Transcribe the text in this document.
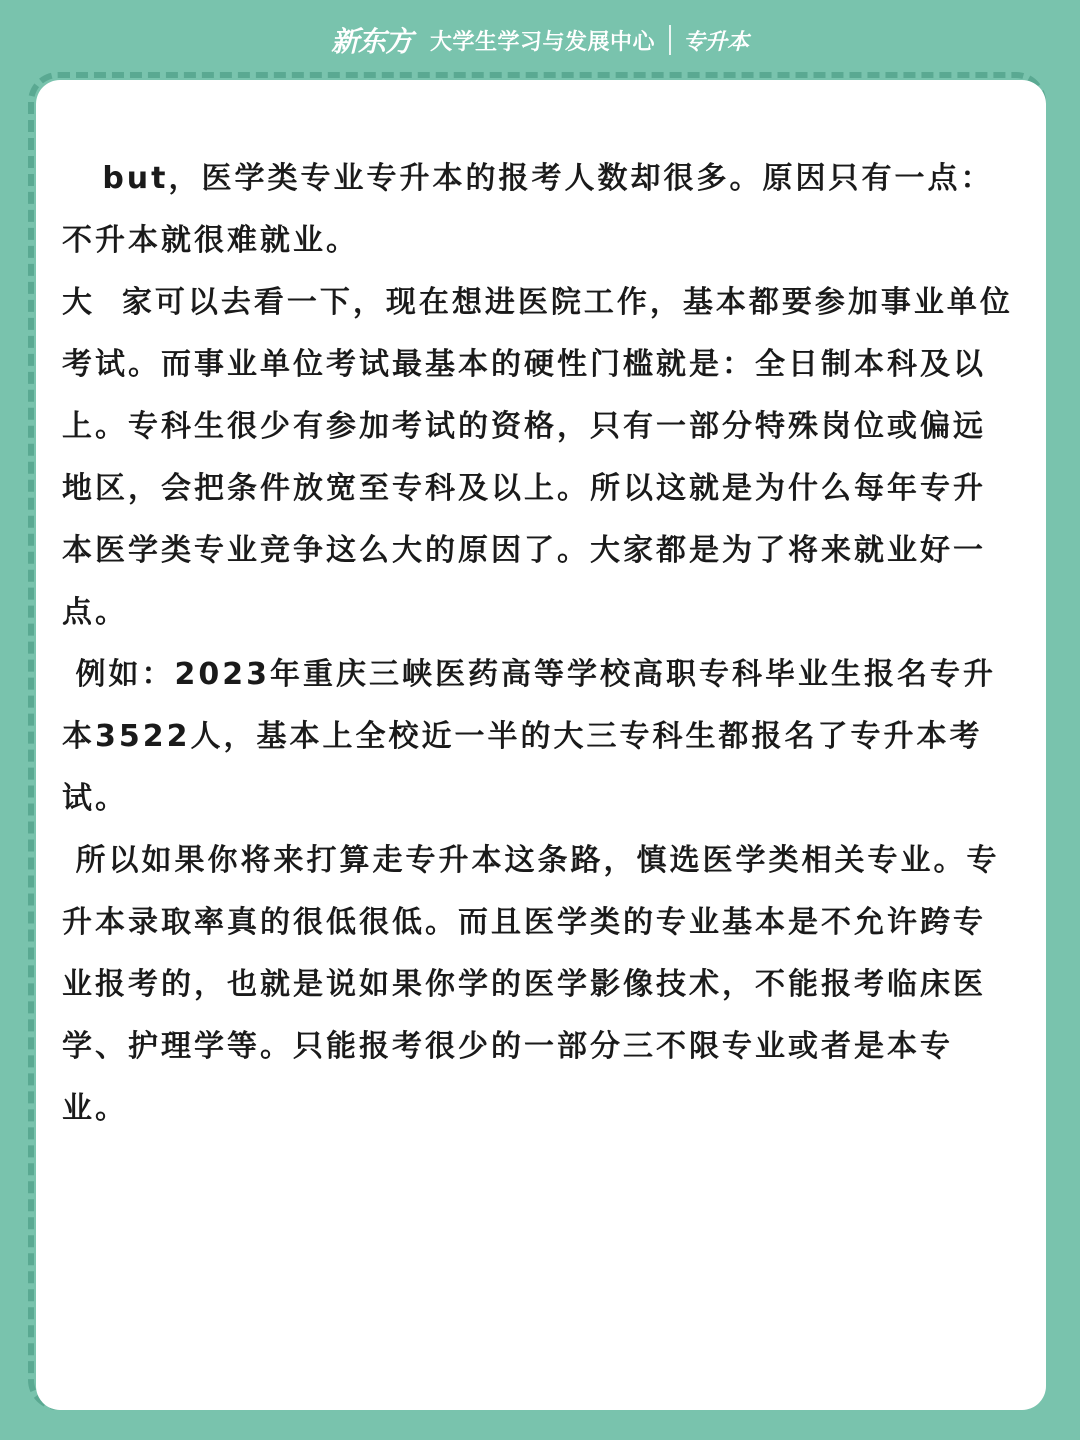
新东方 大学生学习与发展中心 专升本
but，医学类专业专升本的报考人数却很多。原因只有一点：
不升本就很难就业。
大  家可以去看一下，现在想进医院工作，基本都要参加事业单位
考试。而事业单位考试最基本的硬性门槛就是：全日制本科及以
上。专科生很少有参加考试的资格，只有一部分特殊岗位或偏远
地区，会把条件放宽至专科及以上。所以这就是为什么每年专升
本医学类专业竞争这么大的原因了。大家都是为了将来就业好一
点。
例如：2023年重庆三峡医药高等学校高职专科毕业生报名专升
本3522人，基本上全校近一半的大三专科生都报名了专升本考
试。
所以如果你将来打算走专升本这条路，慎选医学类相关专业。专
升本录取率真的很低很低。而且医学类的专业基本是不允许跨专
业报考的，也就是说如果你学的医学影像技术，不能报考临床医
学、护理学等。只能报考很少的一部分三不限专业或者是本专
业。
